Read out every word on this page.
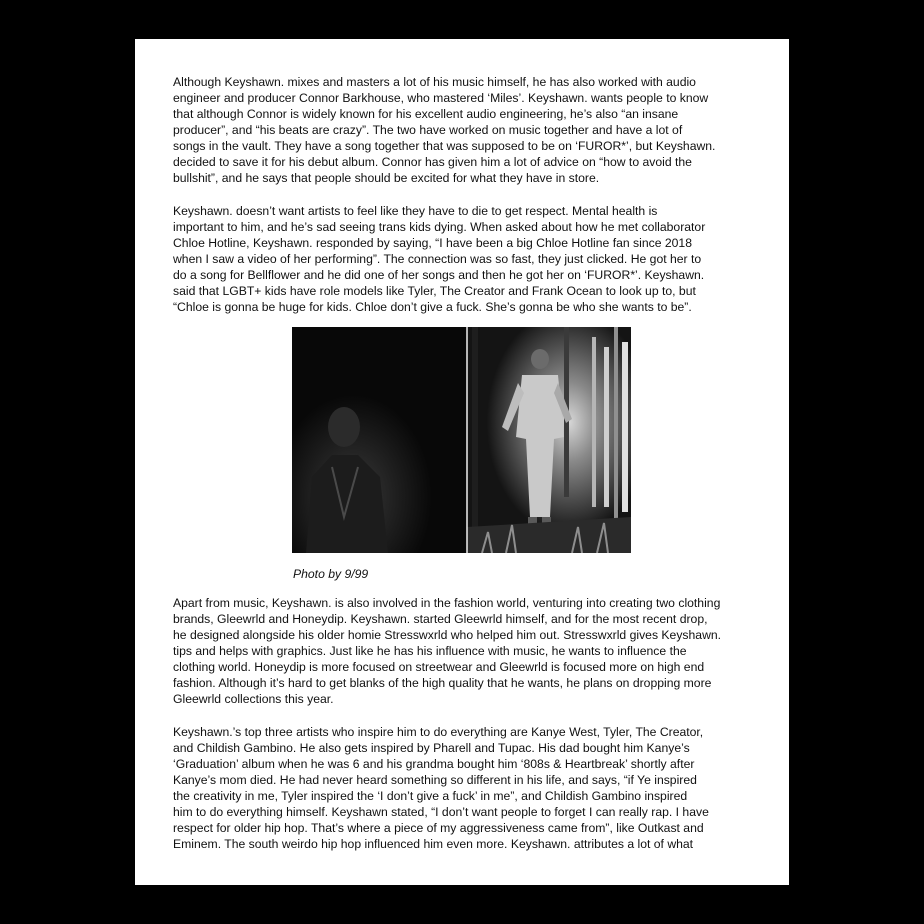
Although Keyshawn. mixes and masters a lot of his music himself, he has also worked with audio
engineer and producer Connor Barkhouse, who mastered ‘Miles’. Keyshawn. wants people to know
that although Connor is widely known for his excellent audio engineering, he’s also “an insane
producer”, and “his beats are crazy”. The two have worked on music together and have a lot of
songs in the vault. They have a song together that was supposed to be on ‘FUROR*’, but Keyshawn.
decided to save it for his debut album. Connor has given him a lot of advice on “how to avoid the
bullshit”, and he says that people should be excited for what they have in store.

Keyshawn. doesn’t want artists to feel like they have to die to get respect. Mental health is
important to him, and he’s sad seeing trans kids dying. When asked about how he met collaborator
Chloe Hotline, Keyshawn. responded by saying, “I have been a big Chloe Hotline fan since 2018
when I saw a video of her performing”. The connection was so fast, they just clicked. He got her to
do a song for Bellflower and he did one of her songs and then he got her on ‘FUROR*’. Keyshawn.
said that LGBT+ kids have role models like Tyler, The Creator and Frank Ocean to look up to, but
“Chloe is gonna be huge for kids. Chloe don’t give a fuck. She’s gonna be who she wants to be”.

Photo by 9/99

Apart from music, Keyshawn. is also involved in the fashion world, venturing into creating two clothing
brands, Gleewrld and Honeydip. Keyshawn. started Gleewrld himself, and for the most recent drop,
he designed alongside his older homie Stresswxrld who helped him out. Stresswxrld gives Keyshawn.
tips and helps with graphics. Just like he has his influence with music, he wants to influence the
clothing world. Honeydip is more focused on streetwear and Gleewrld is focused more on high end
fashion. Although it’s hard to get blanks of the high quality that he wants, he plans on dropping more
Gleewrld collections this year.

Keyshawn.’s top three artists who inspire him to do everything are Kanye West, Tyler, The Creator,
and Childish Gambino. He also gets inspired by Pharell and Tupac. His dad bought him Kanye’s
‘Graduation’ album when he was 6 and his grandma bought him ‘808s & Heartbreak’ shortly after
Kanye’s mom died. He had never heard something so different in his life, and says, “if Ye inspired
the creativity in me, Tyler inspired the ‘I don’t give a fuck’ in me”, and Childish Gambino inspired
him to do everything himself. Keyshawn stated, “I don’t want people to forget I can really rap. I have
respect for older hip hop. That’s where a piece of my aggressiveness came from”, like Outkast and
Eminem. The south weirdo hip hop influenced him even more. Keyshawn. attributes a lot of what
